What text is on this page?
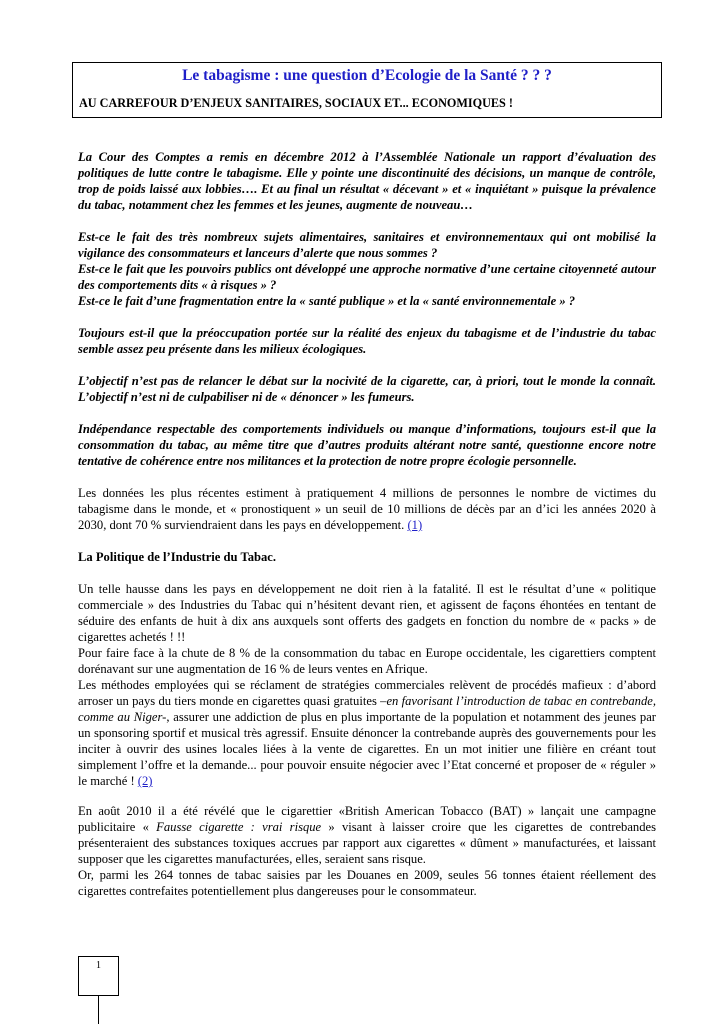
Le tabagisme : une question d’Ecologie de la Santé ? ? ?
AU CARREFOUR D’ENJEUX SANITAIRES, SOCIAUX ET... ECONOMIQUES !

La Cour des Comptes a remis en décembre 2012 à l’Assemblée Nationale un rapport d’évaluation des politiques de lutte contre le tabagisme. Elle y pointe une discontinuité des décisions, un manque de contrôle, trop de poids laissé aux lobbies…. Et au final un résultat « décevant » et « inquiétant » puisque la prévalence du tabac, notamment chez les femmes et les jeunes, augmente de nouveau…

Est-ce le fait des très nombreux sujets alimentaires, sanitaires et environnementaux qui ont mobilisé la vigilance des consommateurs et lanceurs d’alerte que nous sommes ?

Est-ce le fait que les pouvoirs publics ont développé une approche normative d’une certaine citoyenneté autour des comportements dits « à risques » ?

Est-ce le fait d’une fragmentation entre la « santé publique » et la « santé environnementale » ?

Toujours est-il que la préoccupation portée sur la réalité des enjeux du tabagisme et de l’industrie du tabac semble assez peu présente dans les milieux écologiques.

L’objectif n’est pas de relancer le débat sur la nocivité de la cigarette, car, à priori, tout le monde la connaît. L’objectif n’est ni de culpabiliser ni de « dénoncer » les fumeurs.

Indépendance respectable des comportements individuels ou manque d’informations, toujours est-il que la consommation du tabac, au même titre que d’autres produits altérant notre santé, questionne encore notre tentative de cohérence entre nos militances et la protection de notre propre écologie personnelle.

Les données les plus récentes estiment à pratiquement 4 millions de personnes le nombre de victimes du tabagisme dans le monde, et « pronostiquent » un seuil de 10 millions de décès par an d’ici les années 2020 à 2030, dont 70 % surviendraient dans les pays en développement. (1)

La Politique de l’Industrie du Tabac.

Un telle hausse dans les pays en développement ne doit rien à la fatalité. Il est le résultat d’une « politique commerciale » des Industries du Tabac qui n’hésitent devant rien, et agissent de façons éhontées en tentant de séduire des enfants de huit à dix ans auxquels sont offerts des gadgets en fonction du nombre de « packs » de cigarettes achetés ! !!

Pour faire face à la chute de 8 % de la consommation du tabac en Europe occidentale, les cigarettiers comptent dorénavant sur une augmentation de 16 % de leurs ventes en Afrique.

Les méthodes employées qui se réclament de stratégies commerciales relèvent de procédés mafieux : d’abord arroser un pays du tiers monde en cigarettes quasi gratuites –en favorisant l’introduction de tabac en contrebande, comme au Niger-, assurer une addiction de plus en plus importante de la population et notamment des jeunes par un sponsoring sportif et musical très agressif. Ensuite dénoncer la contrebande auprès des gouvernements pour les inciter à ouvrir des usines locales liées à la vente de cigarettes. En un mot initier une filière en créant tout simplement l’offre et la demande... pour pouvoir ensuite négocier avec l’Etat concerné et proposer de « réguler » le marché ! (2)

En août 2010 il a été révélé que le cigarettier «British American Tobacco (BAT) » lançait une campagne publicitaire « Fausse cigarette : vrai risque » visant à laisser croire que les cigarettes de contrebandes présenteraient des substances toxiques accrues par rapport aux cigarettes « dûment » manufacturées, et laissant supposer que les cigarettes manufacturées, elles, seraient sans risque.

Or, parmi les 264 tonnes de tabac saisies par les Douanes en 2009, seules 56 tonnes étaient réellement des cigarettes contrefaites potentiellement plus dangereuses pour le consommateur.

1
